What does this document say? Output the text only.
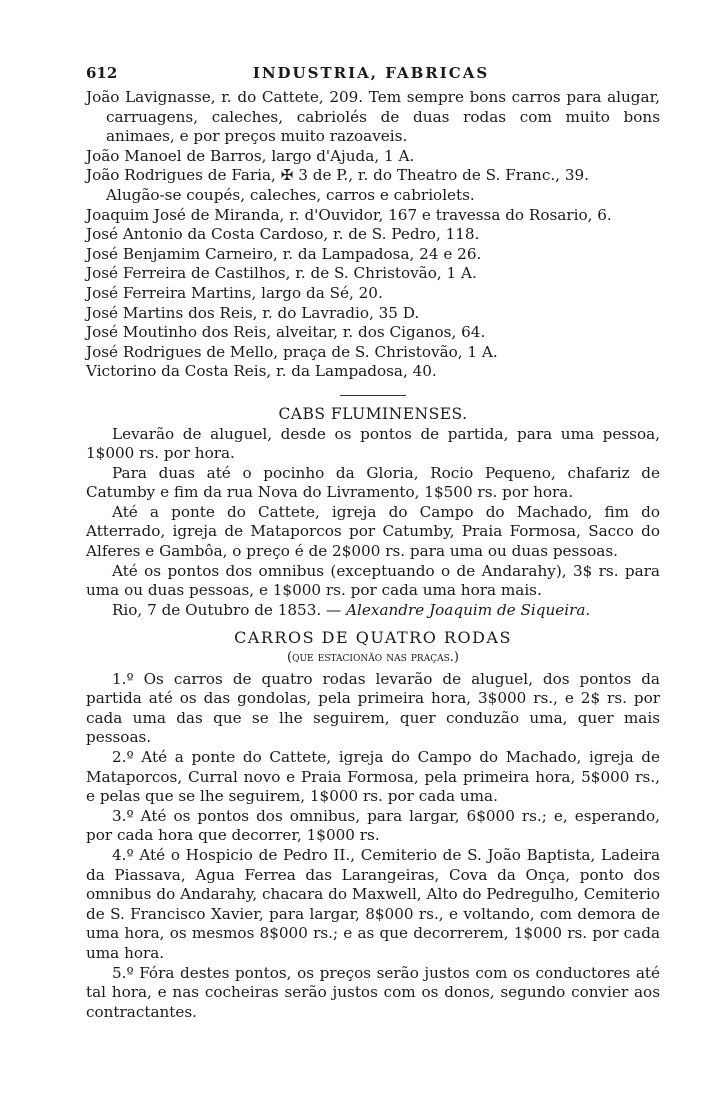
612	INDUSTRIA, FABRICAS

João Lavignasse, r. do Cattete, 209. Tem sempre bons carros para alugar, carruagens, caleches, cabriolés de duas rodas com muito bons animaes, e por preços muito razoaveis.

João Manoel de Barros, largo d'Ajuda, 1 A.

João Rodrigues de Faria, ✠ 3 de P., r. do Theatro de S. Franc., 39.

Alugão-se coupés, caleches, carros e cabriolets.

Joaquim José de Miranda, r. d'Ouvidor, 167 e travessa do Rosario, 6.

José Antonio da Costa Cardoso, r. de S. Pedro, 118.

José Benjamim Carneiro, r. da Lampadosa, 24 e 26.

José Ferreira de Castilhos, r. de S. Christovão, 1 A.

José Ferreira Martins, largo da Sé, 20.

José Martins dos Reis, r. do Lavradio, 35 D.

José Moutinho dos Reis, alveitar, r. dos Ciganos, 64.

José Rodrigues de Mello, praça de S. Christovão, 1 A.

Victorino da Costa Reis, r. da Lampadosa, 40.

CABS FLUMINENSES.

Levarão de aluguel, desde os pontos de partida, para uma pessoa, 1$000 rs. por hora.

Para duas até o pocinho da Gloria, Rocio Pequeno, chafariz de Catumby e fim da rua Nova do Livramento, 1$500 rs. por hora.

Até a ponte do Cattete, igreja do Campo do Machado, fim do Atterrado, igreja de Mataporcos por Catumby, Praia Formosa, Sacco do Alferes e Gambôa, o preço é de 2$000 rs. para uma ou duas pessoas.

Até os pontos dos omnibus (exceptuando o de Andarahy), 3$ rs. para uma ou duas pessoas, e 1$000 rs. por cada uma hora mais.

Rio, 7 de Outubro de 1853. — Alexandre Joaquim de Siqueira.

CARROS DE QUATRO RODAS

(que estacionão nas praças.)

1.º Os carros de quatro rodas levarão de aluguel, dos pontos da partida até os das gondolas, pela primeira hora, 3$000 rs., e 2$ rs. por cada uma das que se lhe seguirem, quer conduzão uma, quer mais pessoas.

2.º Até a ponte do Cattete, igreja do Campo do Machado, igreja de Mataporcos, Curral novo e Praia Formosa, pela primeira hora, 5$000 rs., e pelas que se lhe seguirem, 1$000 rs. por cada uma.

3.º Até os pontos dos omnibus, para largar, 6$000 rs.; e, esperando, por cada hora que decorrer, 1$000 rs.

4.º Até o Hospicio de Pedro II., Cemiterio de S. João Baptista, Ladeira da Piassava, Agua Ferrea das Larangeiras, Cova da Onça, ponto dos omnibus do Andarahy, chacara do Maxwell, Alto do Pedregulho, Cemiterio de S. Francisco Xavier, para largar, 8$000 rs., e voltando, com demora de uma hora, os mesmos 8$000 rs.; e as que decorrerem, 1$000 rs. por cada uma hora.

5.º Fóra destes pontos, os preços serão justos com os conductores até tal hora, e nas cocheiras serão justos com os donos, segundo convier aos contractantes.
